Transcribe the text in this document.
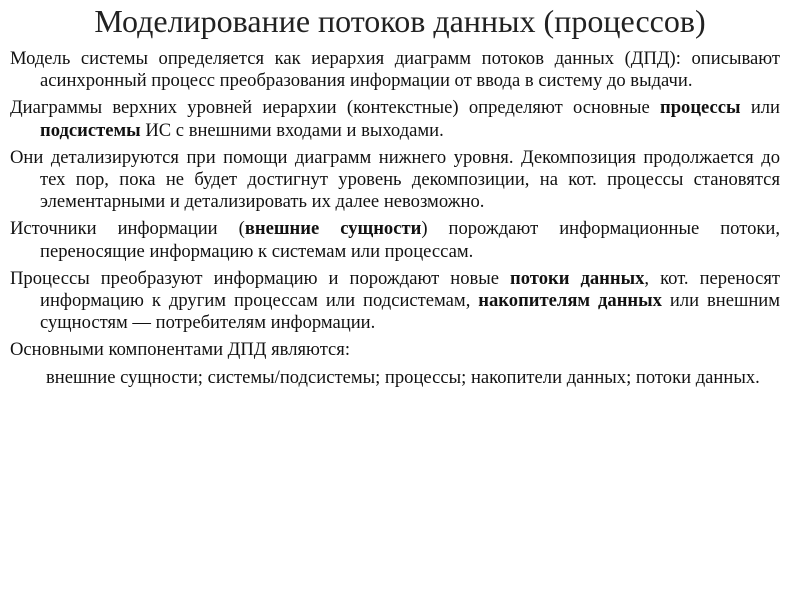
Моделирование потоков данных (процессов)

Модель системы определяется как иерархия диаграмм потоков данных (ДПД): описывают асинхронный процесс преобразования информации от ввода в систему до выдачи.

Диаграммы верхних уровней иерархии (контекстные) определяют основные процессы или подсистемы ИС с внешними входами и выходами.

Они детализируются при помощи диаграмм нижнего уровня. Декомпозиция продолжается до тех пор, пока не будет достигнут уровень декомпозиции, на кот. процессы становятся элементарными и детализировать их далее невозможно.

Источники информации (внешние сущности) порождают информационные потоки, переносящие информацию к системам или процессам.

Процессы преобразуют информацию и порождают новые потоки данных, кот. переносят информацию к другим процессам или подсистемам, накопителям данных или внешним сущностям — потребителям информации.

Основными компонентами ДПД являются:

внешние сущности; системы/подсистемы; процессы; накопители данных; потоки данных.
